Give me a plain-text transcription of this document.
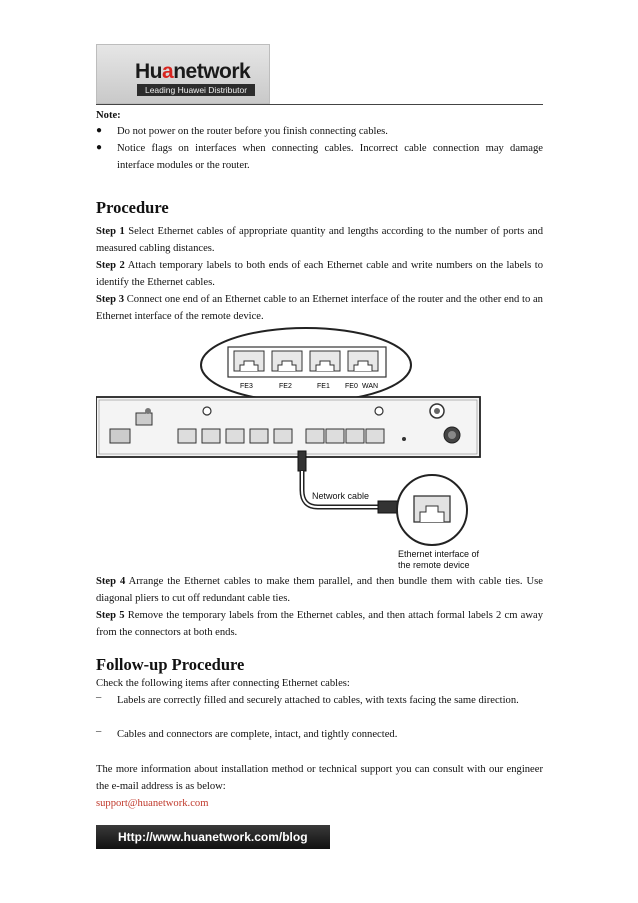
Huanetwork
Leading Huawei Distributor
Note:
● Do not power on the router before you finish connecting cables.
● Notice flags on interfaces when connecting cables. Incorrect cable connection may damage interface modules or the router.
Procedure
Step 1 Select Ethernet cables of appropriate quantity and lengths according to the number of ports and measured cabling distances.
Step 2 Attach temporary labels to both ends of each Ethernet cable and write numbers on the labels to identify the Ethernet cables.
Step 3 Connect one end of an Ethernet cable to an Ethernet interface of the router and the other end to an Ethernet interface of the remote device.
FE3	FE2	FE1 FE0 WAN
Network cable
Ethernet interface of
the remote device
Step 4 Arrange the Ethernet cables to make them parallel, and then bundle them with cable ties. Use diagonal pliers to cut off redundant cable ties.
Step 5 Remove the temporary labels from the Ethernet cables, and then attach formal labels 2 cm away from the connectors at both ends.
Follow-up Procedure
Check the following items after connecting Ethernet cables:
– Labels are correctly filled and securely attached to cables, with texts facing the same direction.
– Cables and connectors are complete, intact, and tightly connected.
The more information about installation method or technical support you can consult with our engineer the e-mail address is as below:
support@huanetwork.com
Http://www.huanetwork.com/blog
